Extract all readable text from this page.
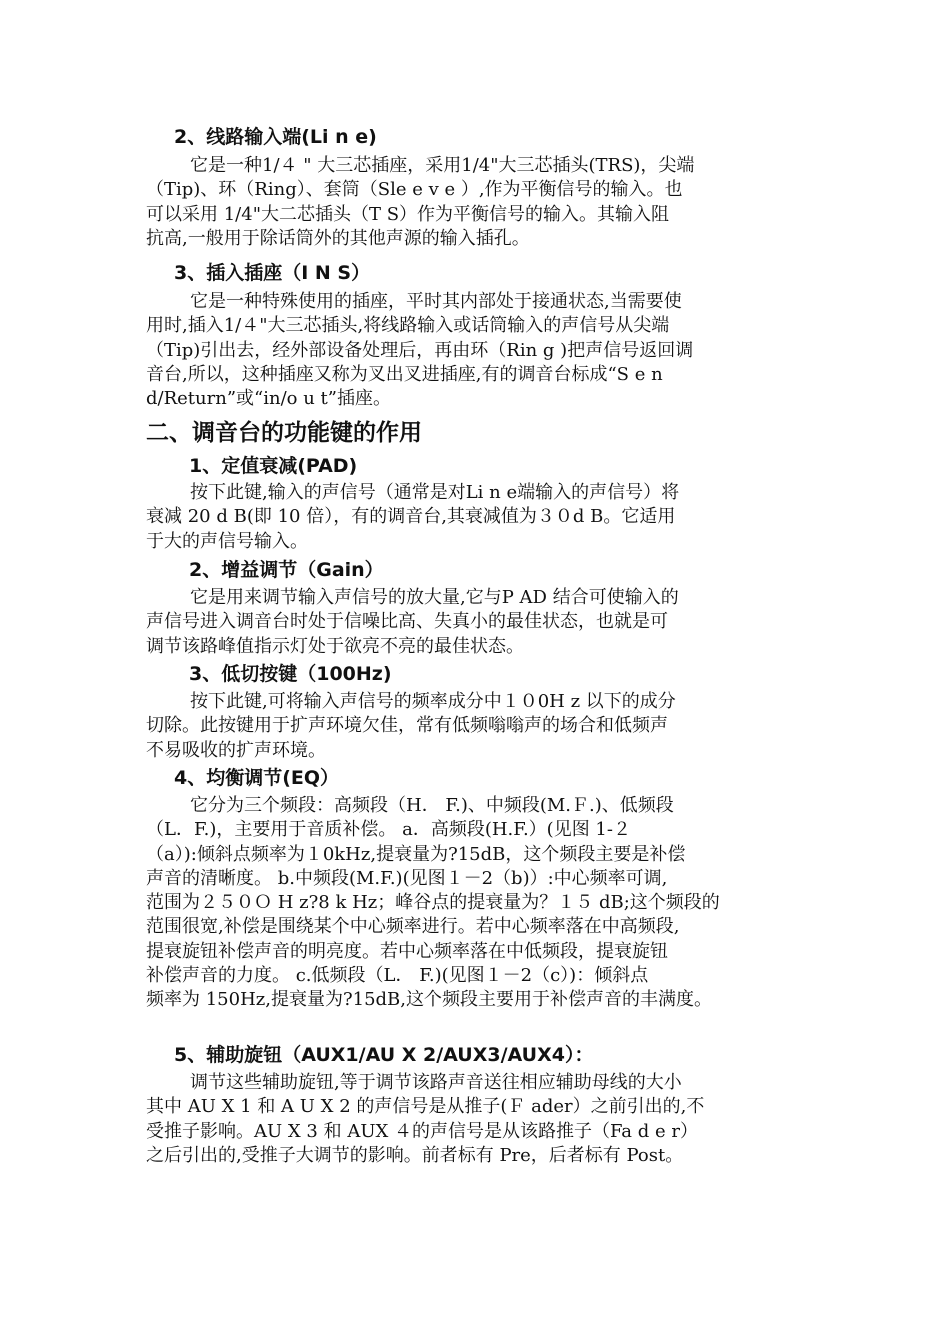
2、线路输入端(Li n e)
它是一种1/４ " 大三芯插座，采用1/4"大三芯插头(TRS)，尖端
（Tip)、环（Ring）、套筒（Sle e v e ）,作为平衡信号的输入。也
可以采用 1/4"大二芯插头（T S）作为平衡信号的输入。其输入阻
抗高,一般用于除话筒外的其他声源的输入插孔。
3、插入插座（I N S）
它是一种特殊使用的插座，平时其内部处于接通状态,当需要使
用时,插入1/４"大三芯插头,将线路输入或话筒输入的声信号从尖端
（Tip)引出去，经外部设备处理后，再由环（Rin g )把声信号返回调
音台,所以，这种插座又称为叉出叉进插座,有的调音台标成“S e n
d/Return”或“in/o u t”插座。
二、调音台的功能键的作用
1、定值衰减(PAD)
按下此键,输入的声信号（通常是对Li n e端输入的声信号）将
衰减 20 d B(即 10 倍），有的调音台,其衰减值为３０d B。它适用
于大的声信号输入。
2、增益调节（Gain）
它是用来调节输入声信号的放大量,它与P AD 结合可使输入的
声信号进入调音台时处于信噪比高、失真小的最佳状态，也就是可
调节该路峰值指示灯处于欲亮不亮的最佳状态。
3、低切按键（100Hz)
按下此键,可将输入声信号的频率成分中１０0H z 以下的成分
切除。此按键用于扩声环境欠佳，常有低频嗡嗡声的场合和低频声
不易吸收的扩声环境。
4、均衡调节(EQ）
它分为三个频段：高频段（H． F.)、中频段(M.Ｆ.)、低频段
（L．F.)，主要用于音质补偿。 a．高频段(H.F.）(见图 1-２
（a）):倾斜点频率为１0kHz,提衰量为?15dB，这个频段主要是补偿
声音的清晰度。 b.中频段(M.F.)(见图１－2（b)）:中心频率可调,
范围为２５０Ｏ H z?8 k Hz；峰谷点的提衰量为？１５ dB;这个频段的
范围很宽,补偿是围绕某个中心频率进行。若中心频率落在中高频段,
提衰旋钮补偿声音的明亮度。若中心频率落在中低频段，提衰旋钮
补偿声音的力度。 c.低频段（L． F.)(见图１－2（c）)：倾斜点
频率为 150Hz,提衰量为?15dB,这个频段主要用于补偿声音的丰满度。
5、辅助旋钮（AUX1/AU X 2/AUX3/AUX4）：
调节这些辅助旋钮,等于调节该路声音送往相应辅助母线的大小
其中 AU X 1 和 A U X 2 的声信号是从推子(Ｆ ader）之前引出的,不
受推子影响。AU X 3 和 AUX ４的声信号是从该路推子（Fa d e r）
之后引出的,受推子大调节的影响。前者标有 Pre，后者标有 Post。
